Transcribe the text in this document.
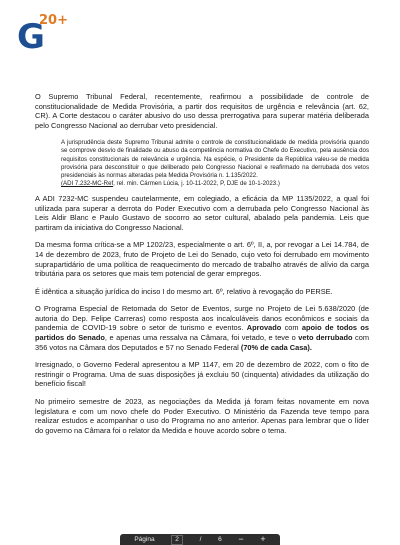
G
20+

O Supremo Tribunal Federal, recentemente, reafirmou a possibilidade de controle de constitucionalidade de Medida Provisória, a partir dos requisitos de urgência e relevância (art. 62, CR). A Corte destacou o caráter abusivo do uso dessa prerrogativa para superar matéria deliberada pelo Congresso Nacional ao derrubar veto presidencial.

A jurisprudência deste Supremo Tribunal admite o controle de constitucionalidade de medida provisória quando se comprove desvio de finalidade ou abuso da competência normativa do Chefe do Executivo, pela ausência dos requisitos constitucionais de relevância e urgência. Na espécie, o Presidente da República valeu-se de medida provisória para desconstituir o que deliberado pelo Congresso Nacional e reafirmado na derrubada dos vetos presidenciais às normas alteradas pela Medida Provisória n. 1.135/2022.
(ADI 7.232-MC-Ref, rel. min. Cármen Lúcia, j. 10-11-2022, P, DJE de 10-1-2023.)

A ADI 7232-MC suspendeu cautelarmente, em colegiado, a eficácia da MP 1135/2022, a qual foi utilizada para superar a derrota do Poder Executivo com a derrubada pelo Congresso Nacional às Leis Aldir Blanc e Paulo Gustavo de socorro ao setor cultural, abalado pela pandemia. Leis que partiram da iniciativa do Congresso Nacional.

Da mesma forma crítica-se a MP 1202/23, especialmente o art. 6º, II, a, por revogar a Lei 14.784, de 14 de dezembro de 2023, fruto de Projeto de Lei do Senado, cujo veto foi derrubado em movimento suprapartidário de uma política de reaquecimento do mercado de trabalho através de alívio da carga tributária para os setores que mais tem potencial de gerar empregos.

É idêntica a situação jurídica do inciso I do mesmo art. 6º, relativo à revogação do PERSE.

O Programa Especial de Retomada do Setor de Eventos, surge no Projeto de Lei 5.638/2020 (de autoria do Dep. Felipe Carreras) como resposta aos incalculáveis danos econômicos e sociais da pandemia de COVID-19 sobre o setor de turismo e eventos. Aprovado com apoio de todos os partidos do Senado, e apenas uma ressalva na Câmara, foi vetado, e teve o veto derrubado com 356 votos na Câmara dos Deputados e 57 no Senado Federal (70% de cada Casa).

Irresignado, o Governo Federal apresentou a MP 1147, em 20 de dezembro de 2022, com o fito de restringir o Programa. Uma de suas disposições já excluiu 50 (cinquenta) atividades da utilização do benefício fiscal!

No primeiro semestre de 2023, as negociações da Medida já foram feitas novamente em nova legislatura e com um novo chefe do Poder Executivo. O Ministério da Fazenda teve tempo para realizar estudos e acompanhar o uso do Programa no ano anterior. Apenas para lembrar que o líder do governo na Câmara foi o relator da Medida e houve acordo sobre o tema.

Página	2	/	6 − +
